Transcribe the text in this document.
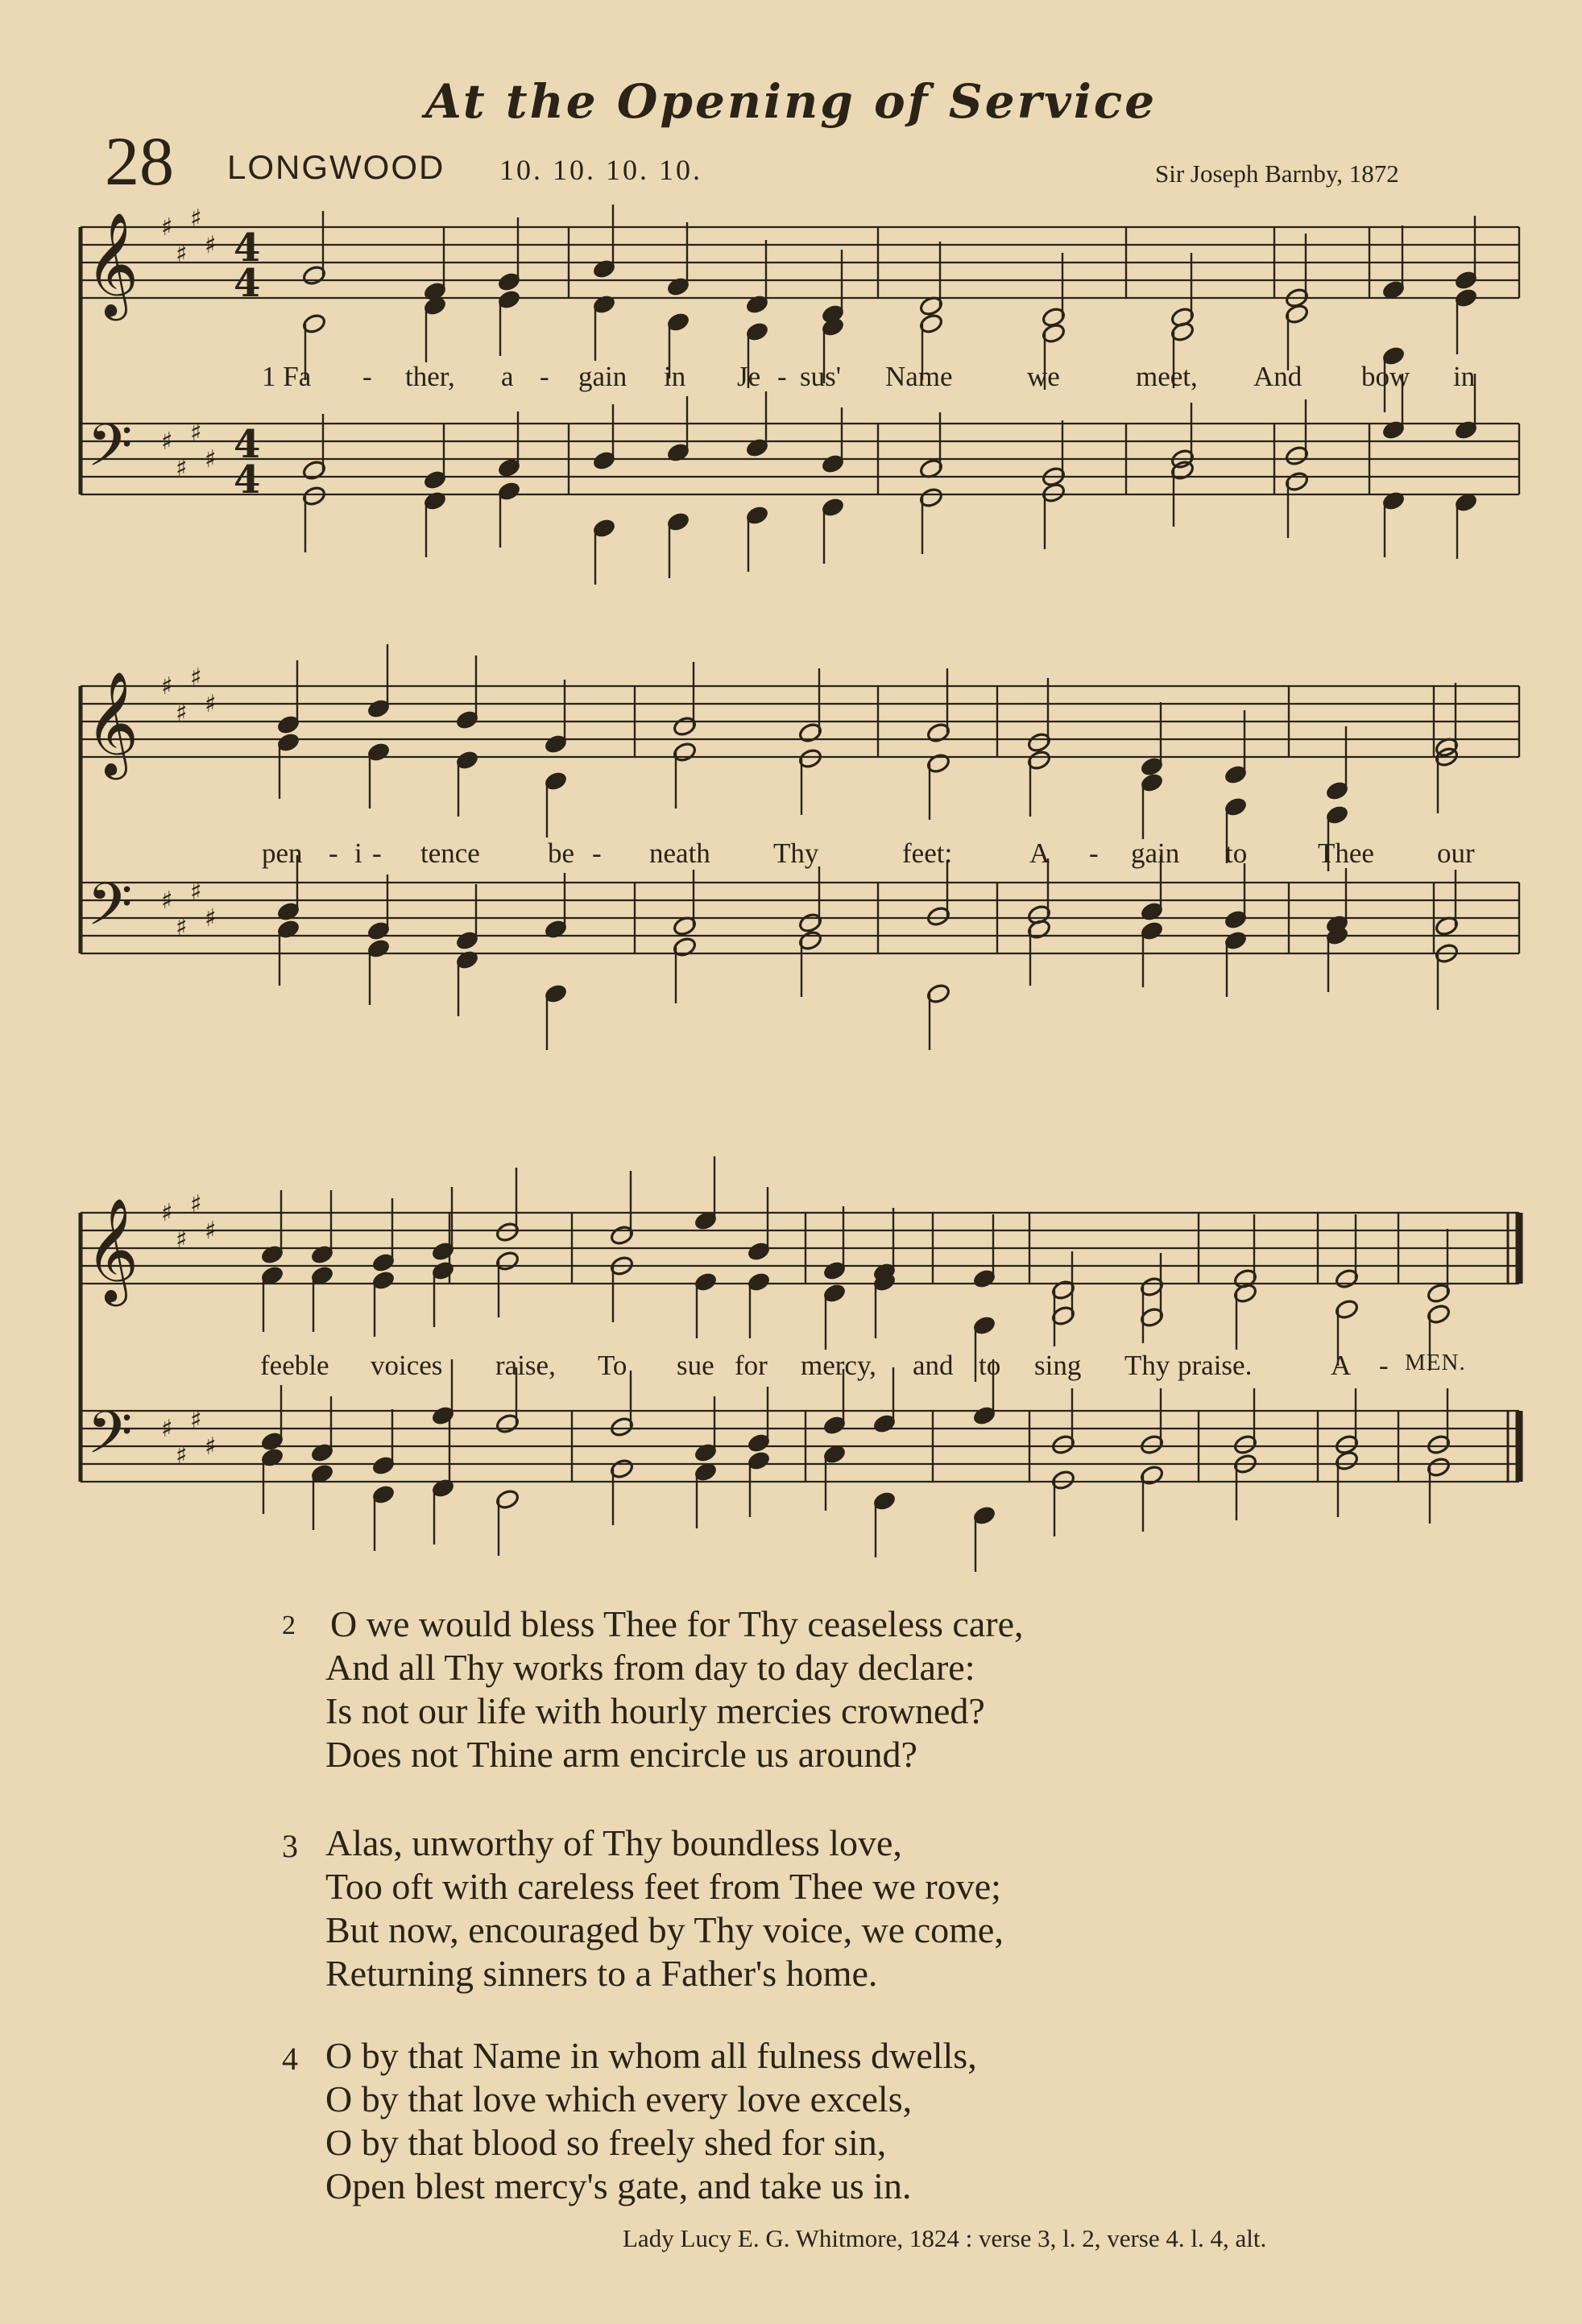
At the Opening of Service
28 LONGWOOD 10. 10. 10. 10.	Sir Joseph Barnby, 1872
𝄞
𝄢
♯
♯
♯
♯
♯
♯
♯
♯
4
4
4
4
𝄞
𝄢
♯
♯
♯
♯
♯
♯
♯
♯
𝄞
𝄢
♯
♯
♯
♯
♯
♯
♯
♯
1 Fa - ther, a - gain in Je - sus' Name	we	meet, And bow in
pen - i - tence be - neath Thy	feet:	A - gain to	Thee our
feeble voices raise, To sue for mercy, and to sing Thy praise.	A - MEN.
2 O we would bless Thee for Thy ceaseless care,
And all Thy works from day to day declare:
Is not our life with hourly mercies crowned?
Does not Thine arm encircle us around?
3 Alas, unworthy of Thy boundless love,
Too oft with careless feet from Thee we rove;
But now, encouraged by Thy voice, we come,
Returning sinners to a Father's home.
4 O by that Name in whom all fulness dwells,
O by that love which every love excels,
O by that blood so freely shed for sin,
Open blest mercy's gate, and take us in.
Lady Lucy E. G. Whitmore, 1824 : verse 3, l. 2, verse 4. l. 4, alt.
